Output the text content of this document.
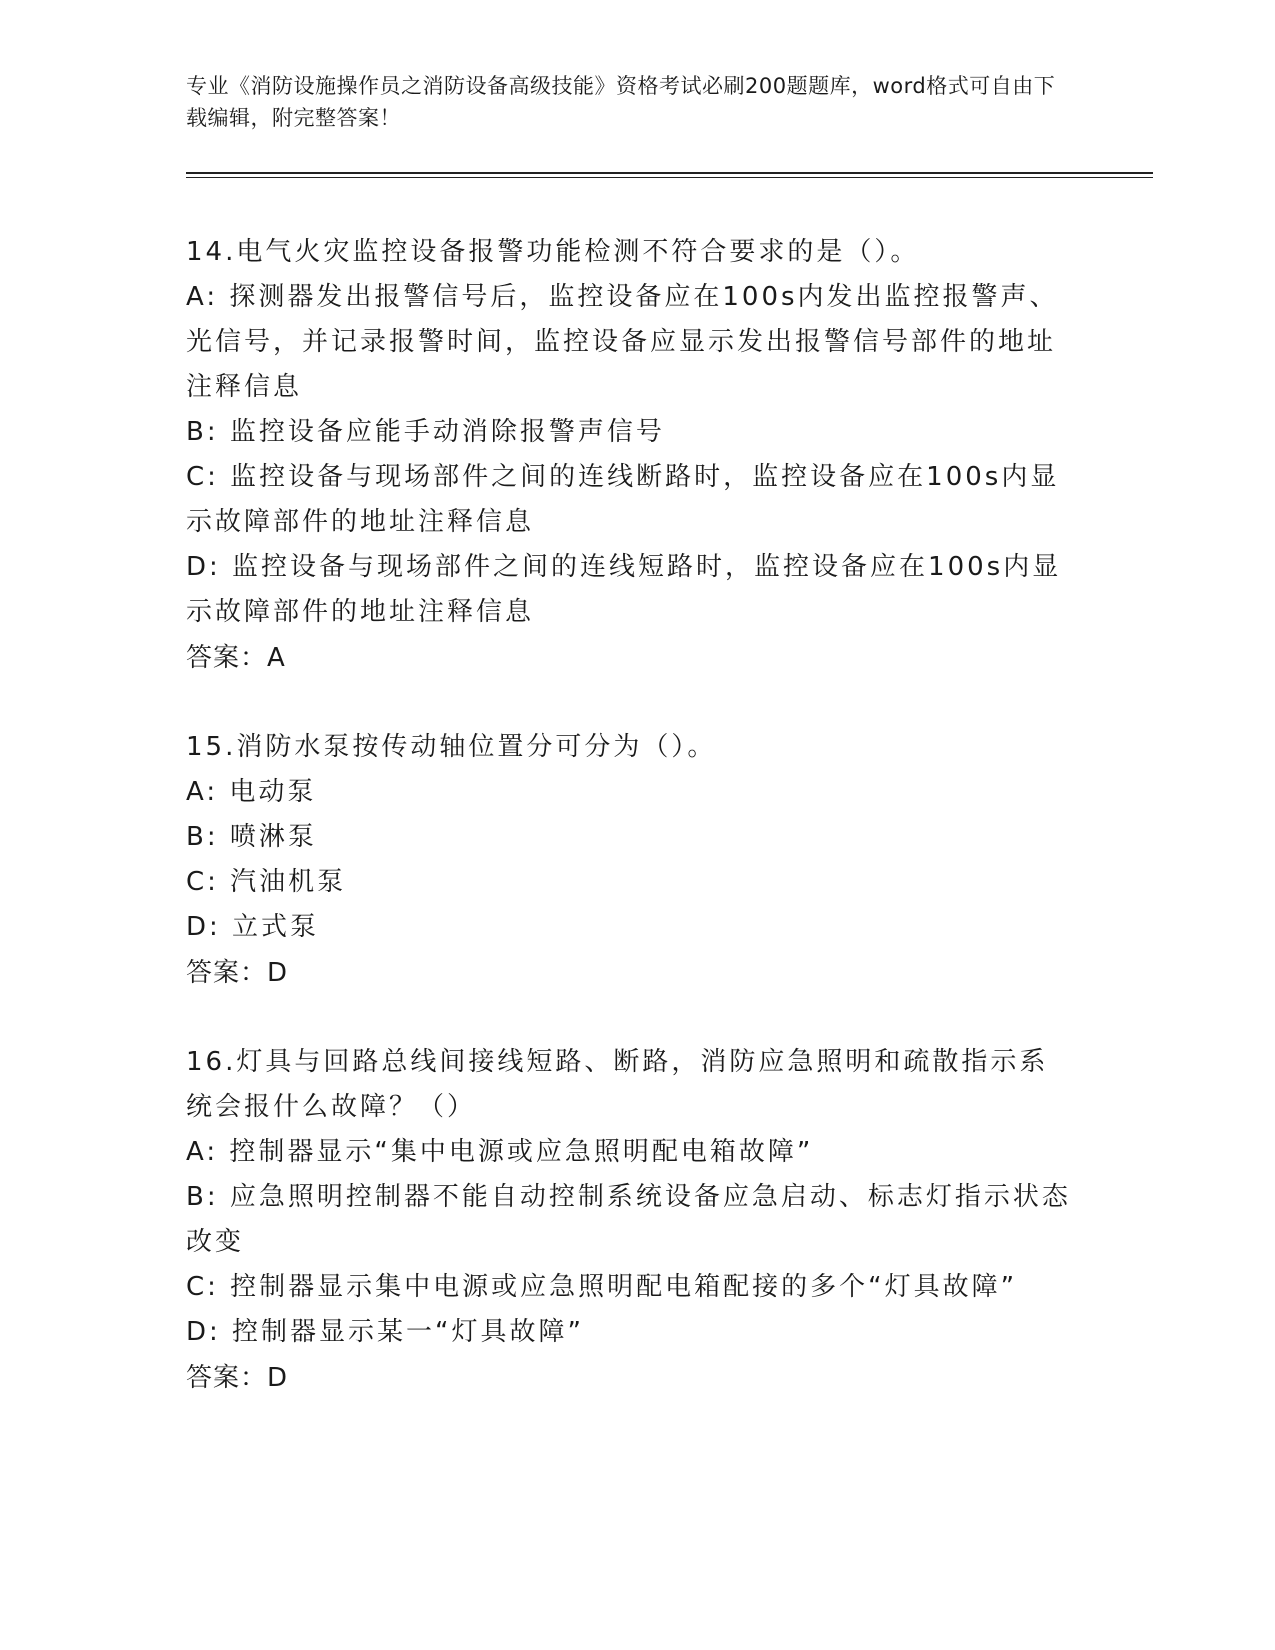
专业《消防设施操作员之消防设备高级技能》资格考试必刷200题题库，word格式可自由下载编辑，附完整答案！

14.电气火灾监控设备报警功能检测不符合要求的是（）。

A: 探测器发出报警信号后，监控设备应在100s内发出监控报警声、光信号，并记录报警时间，监控设备应显示发出报警信号部件的地址注释信息

B: 监控设备应能手动消除报警声信号

C: 监控设备与现场部件之间的连线断路时，监控设备应在100s内显示故障部件的地址注释信息

D: 监控设备与现场部件之间的连线短路时，监控设备应在100s内显示故障部件的地址注释信息

答案：A

15.消防水泵按传动轴位置分可分为（）。

A: 电动泵

B: 喷淋泵

C: 汽油机泵

D: 立式泵

答案：D

16.灯具与回路总线间接线短路、断路，消防应急照明和疏散指示系统会报什么故障？（）

A: 控制器显示“集中电源或应急照明配电箱故障”

B: 应急照明控制器不能自动控制系统设备应急启动、标志灯指示状态改变

C: 控制器显示集中电源或应急照明配电箱配接的多个“灯具故障”

D: 控制器显示某一“灯具故障”

答案：D
